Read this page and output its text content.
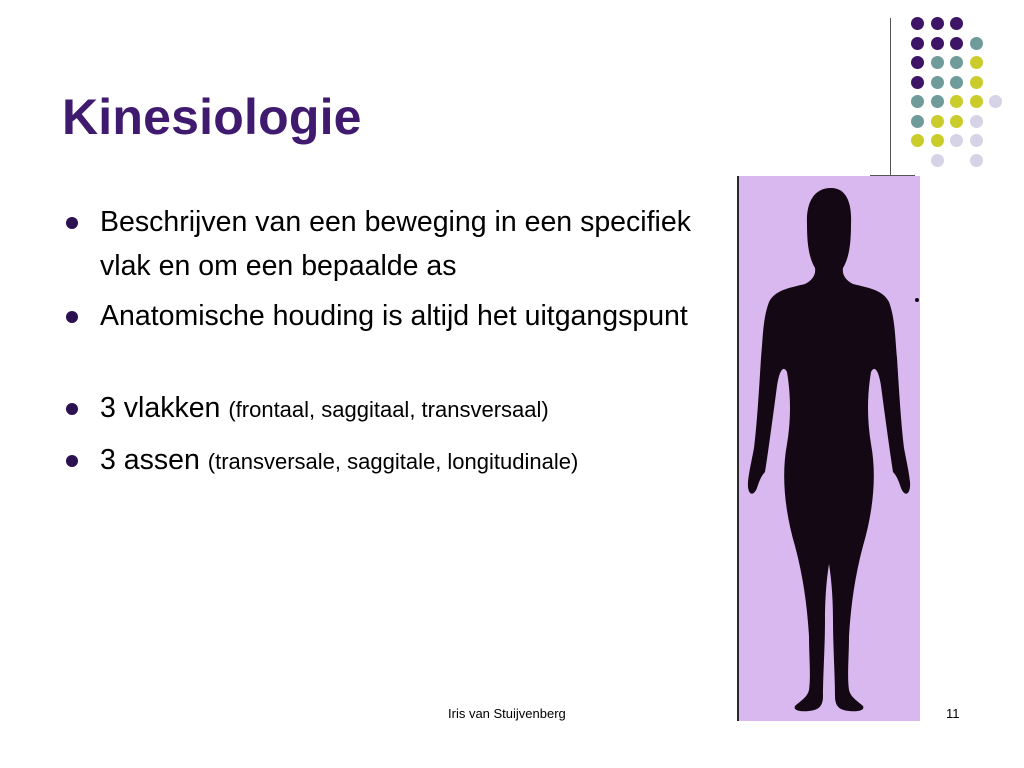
Kinesiologie
Beschrijven van een beweging in een specifiek vlak en om een bepaalde as
Anatomische houding is altijd het uitgangspunt
3 vlakken (frontaal, saggitaal, transversaal)
3 assen (transversale, saggitale, longitudinale)
Iris van Stuijvenberg	11
